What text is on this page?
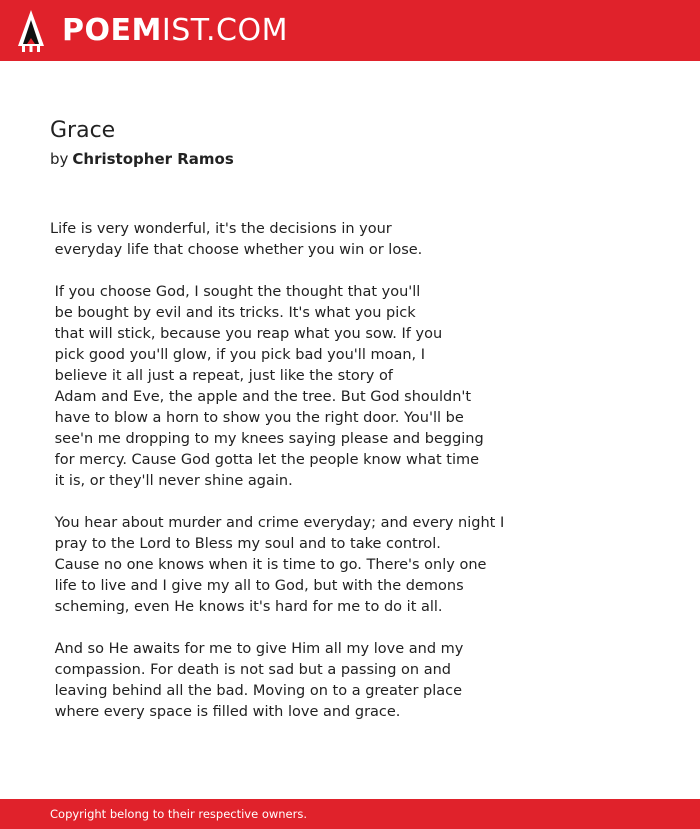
POEMIST.COM
Grace
by Christopher Ramos
Life is very wonderful, it's the decisions in your
everyday life that choose whether you win or lose.
If you choose God, I sought the thought that you'll
be bought by evil and its tricks. It's what you pick
that will stick, because you reap what you sow. If you
pick good you'll glow, if you pick bad you'll moan, I
believe it all just a repeat, just like the story of
Adam and Eve, the apple and the tree. But God shouldn't
have to blow a horn to show you the right door. You'll be
see'n me dropping to my knees saying please and begging
for mercy. Cause God gotta let the people know what time
it is, or they'll never shine again.
You hear about murder and crime everyday; and every night I
pray to the Lord to Bless my soul and to take control.
Cause no one knows when it is time to go. There's only one
life to live and I give my all to God, but with the demons
scheming, even He knows it's hard for me to do it all.
And so He awaits for me to give Him all my love and my
compassion. For death is not sad but a passing on and
leaving behind all the bad. Moving on to a greater place
where every space is filled with love and grace.
Copyright belong to their respective owners.
